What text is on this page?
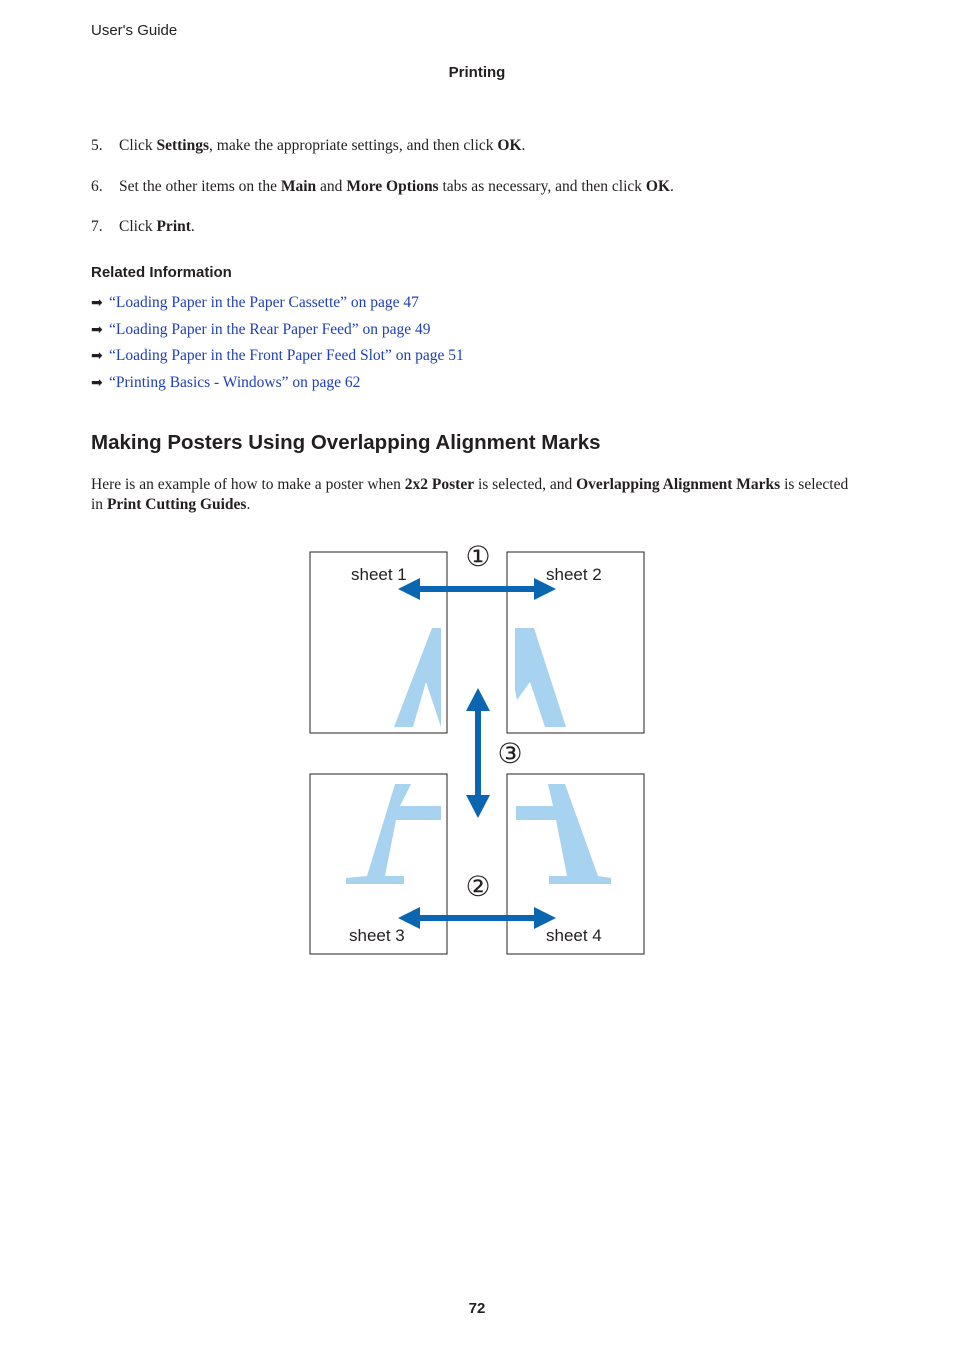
User's Guide
Printing
5. Click Settings, make the appropriate settings, and then click OK.
6. Set the other items on the Main and More Options tabs as necessary, and then click OK.
7. Click Print.
Related Information
➡ “Loading Paper in the Paper Cassette” on page 47
➡ “Loading Paper in the Rear Paper Feed” on page 49
➡ “Loading Paper in the Front Paper Feed Slot” on page 51
➡ “Printing Basics - Windows” on page 62
Making Posters Using Overlapping Alignment Marks
Here is an example of how to make a poster when 2x2 Poster is selected, and Overlapping Alignment Marks is selected in Print Cutting Guides.
sheet 1	sheet 2
sheet 3	sheet 4
①
②
③
72
